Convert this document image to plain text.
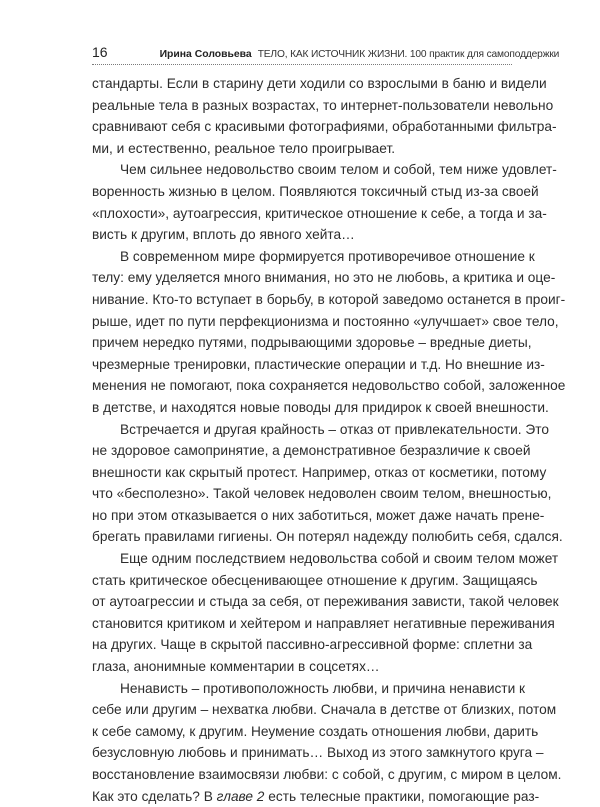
16	Ирина Соловьева ТЕЛО, КАК ИСТОЧНИК ЖИЗНИ. 100 практик для самоподдержки

стандарты. Если в старину дети ходили со взрослыми в баню и видели
реальные тела в разных возрастах, то интернет-пользователи невольно
сравнивают себя с красивыми фотографиями, обработанными фильтра-
ми, и естественно, реальное тело проигрывает.

Чем сильнее недовольство своим телом и собой, тем ниже удовлет-
воренность жизнью в целом. Появляются токсичный стыд из-за своей
«плохости», аутоагрессия, критическое отношение к себе, а тогда и за-
висть к другим, вплоть до явного хейта…

В современном мире формируется противоречивое отношение к
телу: ему уделяется много внимания, но это не любовь, а критика и оце-
нивание. Кто-то вступает в борьбу, в которой заведомо останется в проиг-
рыше, идет по пути перфекционизма и постоянно «улучшает» свое тело,
причем нередко путями, подрывающими здоровье – вредные диеты,
чрезмерные тренировки, пластические операции и т.д. Но внешние из-
менения не помогают, пока сохраняется недовольство собой, заложенное
в детстве, и находятся новые поводы для придирок к своей внешности.

Встречается и другая крайность – отказ от привлекательности. Это
не здоровое самопринятие, а демонстративное безразличие к своей
внешности как скрытый протест. Например, отказ от косметики, потому
что «бесполезно». Такой человек недоволен своим телом, внешностью,
но при этом отказывается о них заботиться, может даже начать прене-
брегать правилами гигиены. Он потерял надежду полюбить себя, сдался.

Еще одним последствием недовольства собой и своим телом может
стать критическое обесценивающее отношение к другим. Защищаясь
от аутоагрессии и стыда за себя, от переживания зависти, такой человек
становится критиком и хейтером и направляет негативные переживания
на других. Чаще в скрытой пассивно-агрессивной форме: сплетни за
глаза, анонимные комментарии в соцсетях…

Ненависть – противоположность любви, и причина ненависти к
себе или другим – нехватка любви. Сначала в детстве от близких, потом
к себе самому, к другим. Неумение создать отношения любви, дарить
безусловную любовь и принимать… Выход из этого замкнутого круга –
восстановление взаимосвязи любви: с собой, с другим, с миром в целом.
Как это сделать? В главе 2 есть телесные практики, помогающие раз-
